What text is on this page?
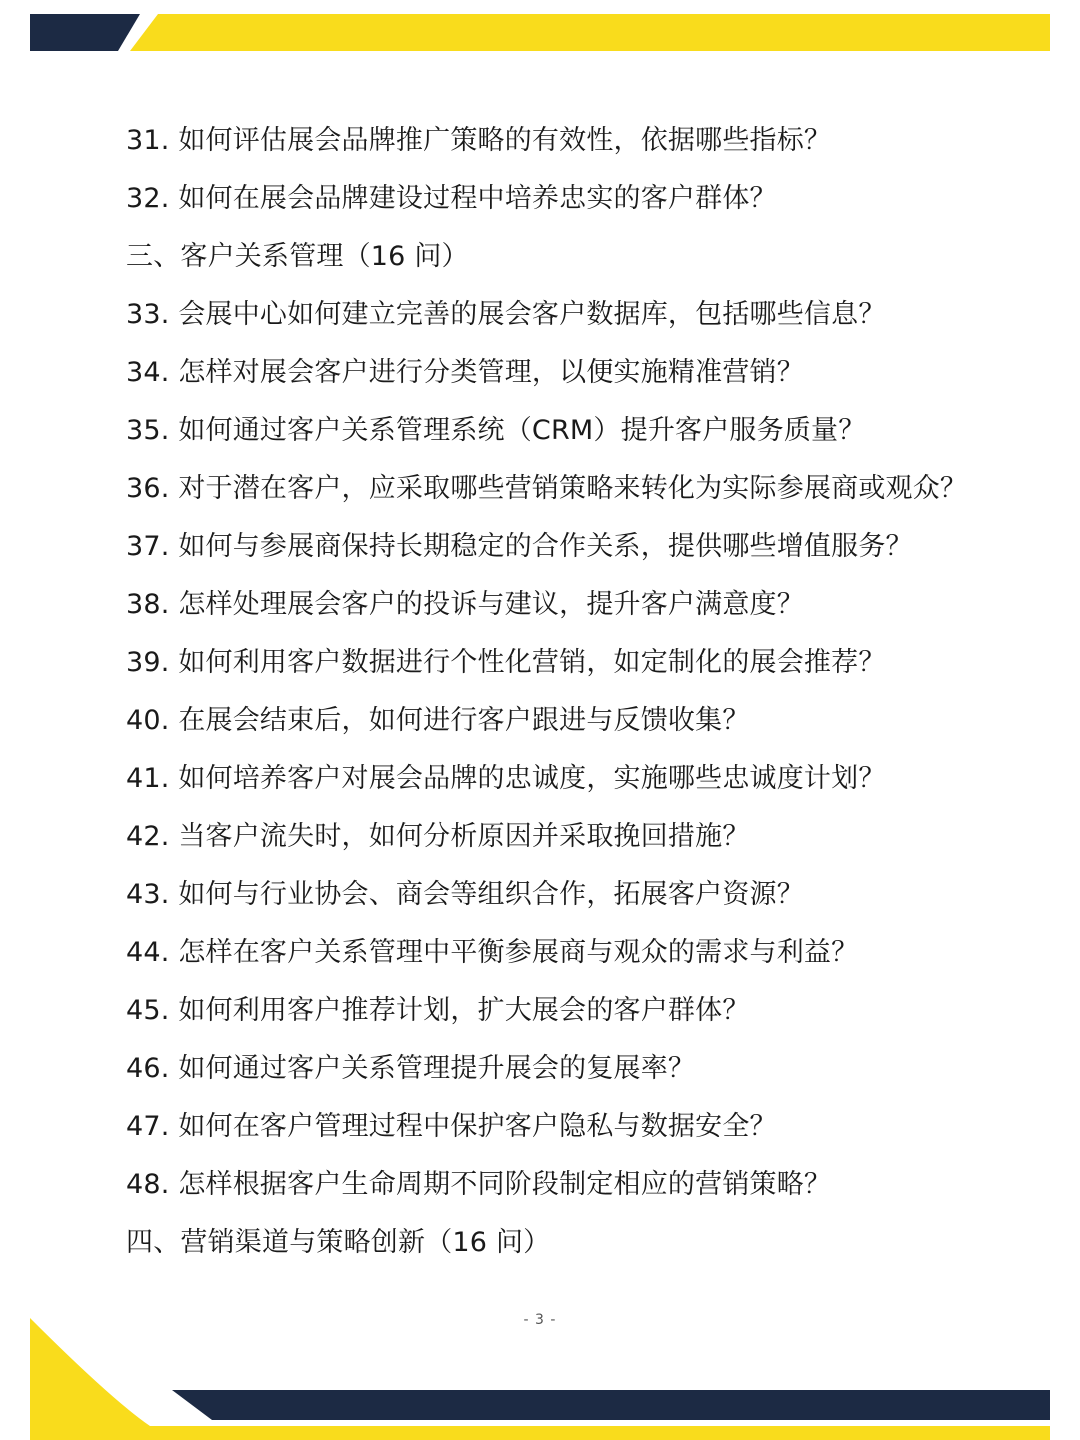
31. 如何评估展会品牌推广策略的有效性，依据哪些指标？
32. 如何在展会品牌建设过程中培养忠实的客户群体？
三、客户关系管理（16 问）
33. 会展中心如何建立完善的展会客户数据库，包括哪些信息？
34. 怎样对展会客户进行分类管理，以便实施精准营销？
35. 如何通过客户关系管理系统（CRM）提升客户服务质量？
36. 对于潜在客户，应采取哪些营销策略来转化为实际参展商或观众？
37. 如何与参展商保持长期稳定的合作关系，提供哪些增值服务？
38. 怎样处理展会客户的投诉与建议，提升客户满意度？
39. 如何利用客户数据进行个性化营销，如定制化的展会推荐？
40. 在展会结束后，如何进行客户跟进与反馈收集？
41. 如何培养客户对展会品牌的忠诚度，实施哪些忠诚度计划？
42. 当客户流失时，如何分析原因并采取挽回措施？
43. 如何与行业协会、商会等组织合作，拓展客户资源？
44. 怎样在客户关系管理中平衡参展商与观众的需求与利益？
45. 如何利用客户推荐计划，扩大展会的客户群体？
46. 如何通过客户关系管理提升展会的复展率？
47. 如何在客户管理过程中保护客户隐私与数据安全？
48. 怎样根据客户生命周期不同阶段制定相应的营销策略？
四、营销渠道与策略创新（16 问）
- 3 -
